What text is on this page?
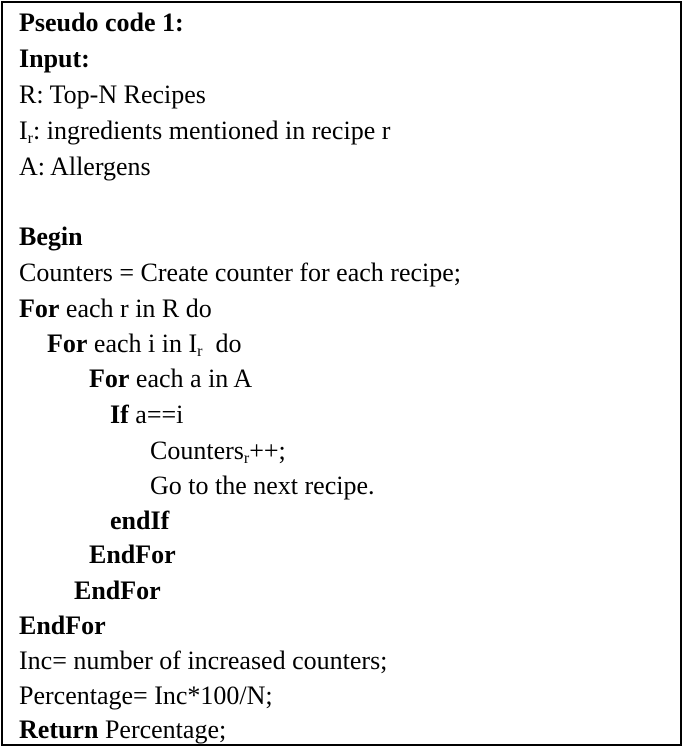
Pseudo code 1:
Input:
R: Top-N Recipes
$I_r$: ingredients mentioned in recipe r
A: Allergens
Begin
Counters = Create counter for each recipe;
For each r in R do
For each i in $I_r$  do
For each a in A
If a==i
Counters$_r$++;
Go to the next recipe.
endIf
EndFor
EndFor
EndFor
Inc= number of increased counters;
Percentage= Inc*100/N;
Return Percentage;
